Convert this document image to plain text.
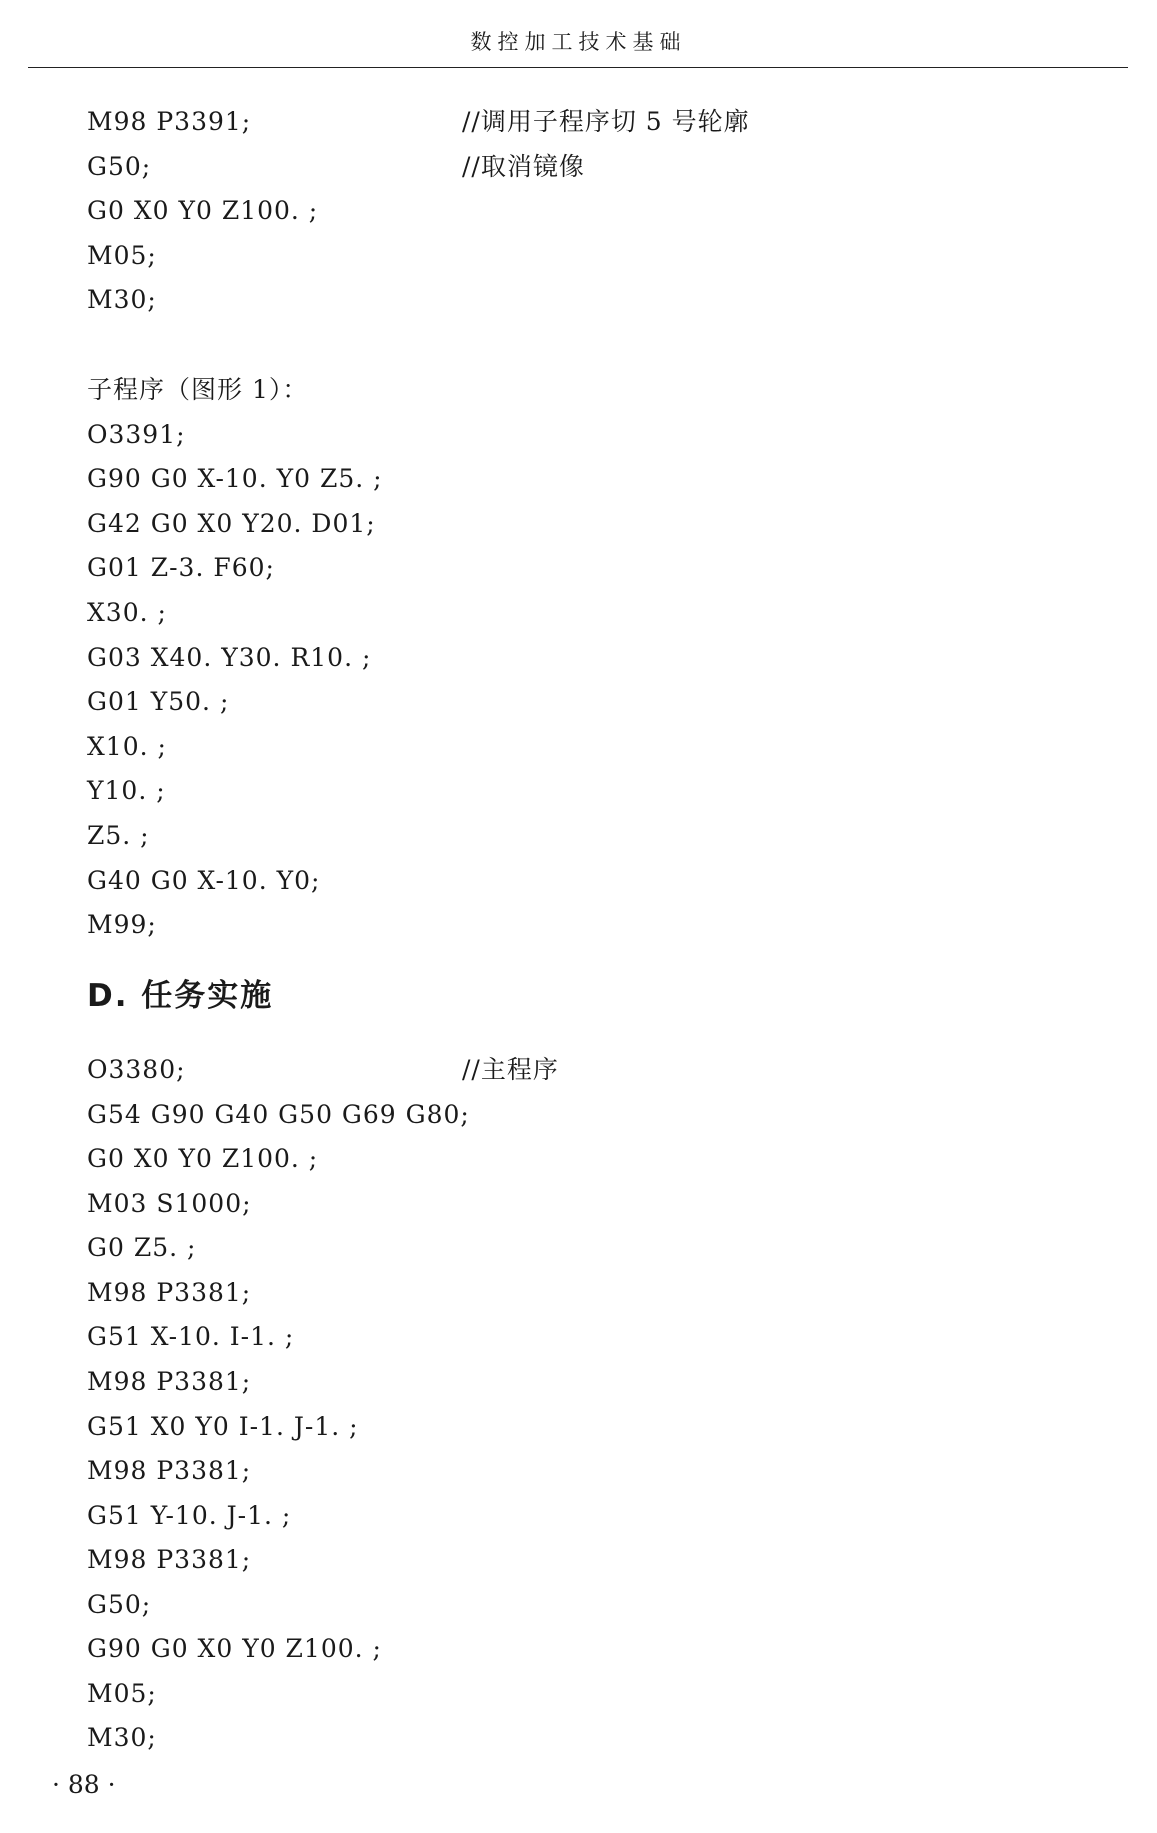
数控加工技术基础
M98 P3391;	//调用子程序切 5 号轮廓
G50;	//取消镜像
G0 X0 Y0 Z100. ;
M05;
M30;
子程序（图形 1）：
O3391;
G90 G0 X-10. Y0 Z5. ;
G42 G0 X0 Y20. D01;
G01 Z-3. F60;
X30. ;
G03 X40. Y30. R10. ;
G01 Y50. ;
X10. ;
Y10. ;
Z5. ;
G40 G0 X-10. Y0;
M99;
D. 任务实施
O3380;	//主程序
G54 G90 G40 G50 G69 G80;
G0 X0 Y0 Z100. ;
M03 S1000;
G0 Z5. ;
M98 P3381;
G51 X-10. I-1. ;
M98 P3381;
G51 X0 Y0 I-1. J-1. ;
M98 P3381;
G51 Y-10. J-1. ;
M98 P3381;
G50;
G90 G0 X0 Y0 Z100. ;
M05;
M30;
· 88 ·
